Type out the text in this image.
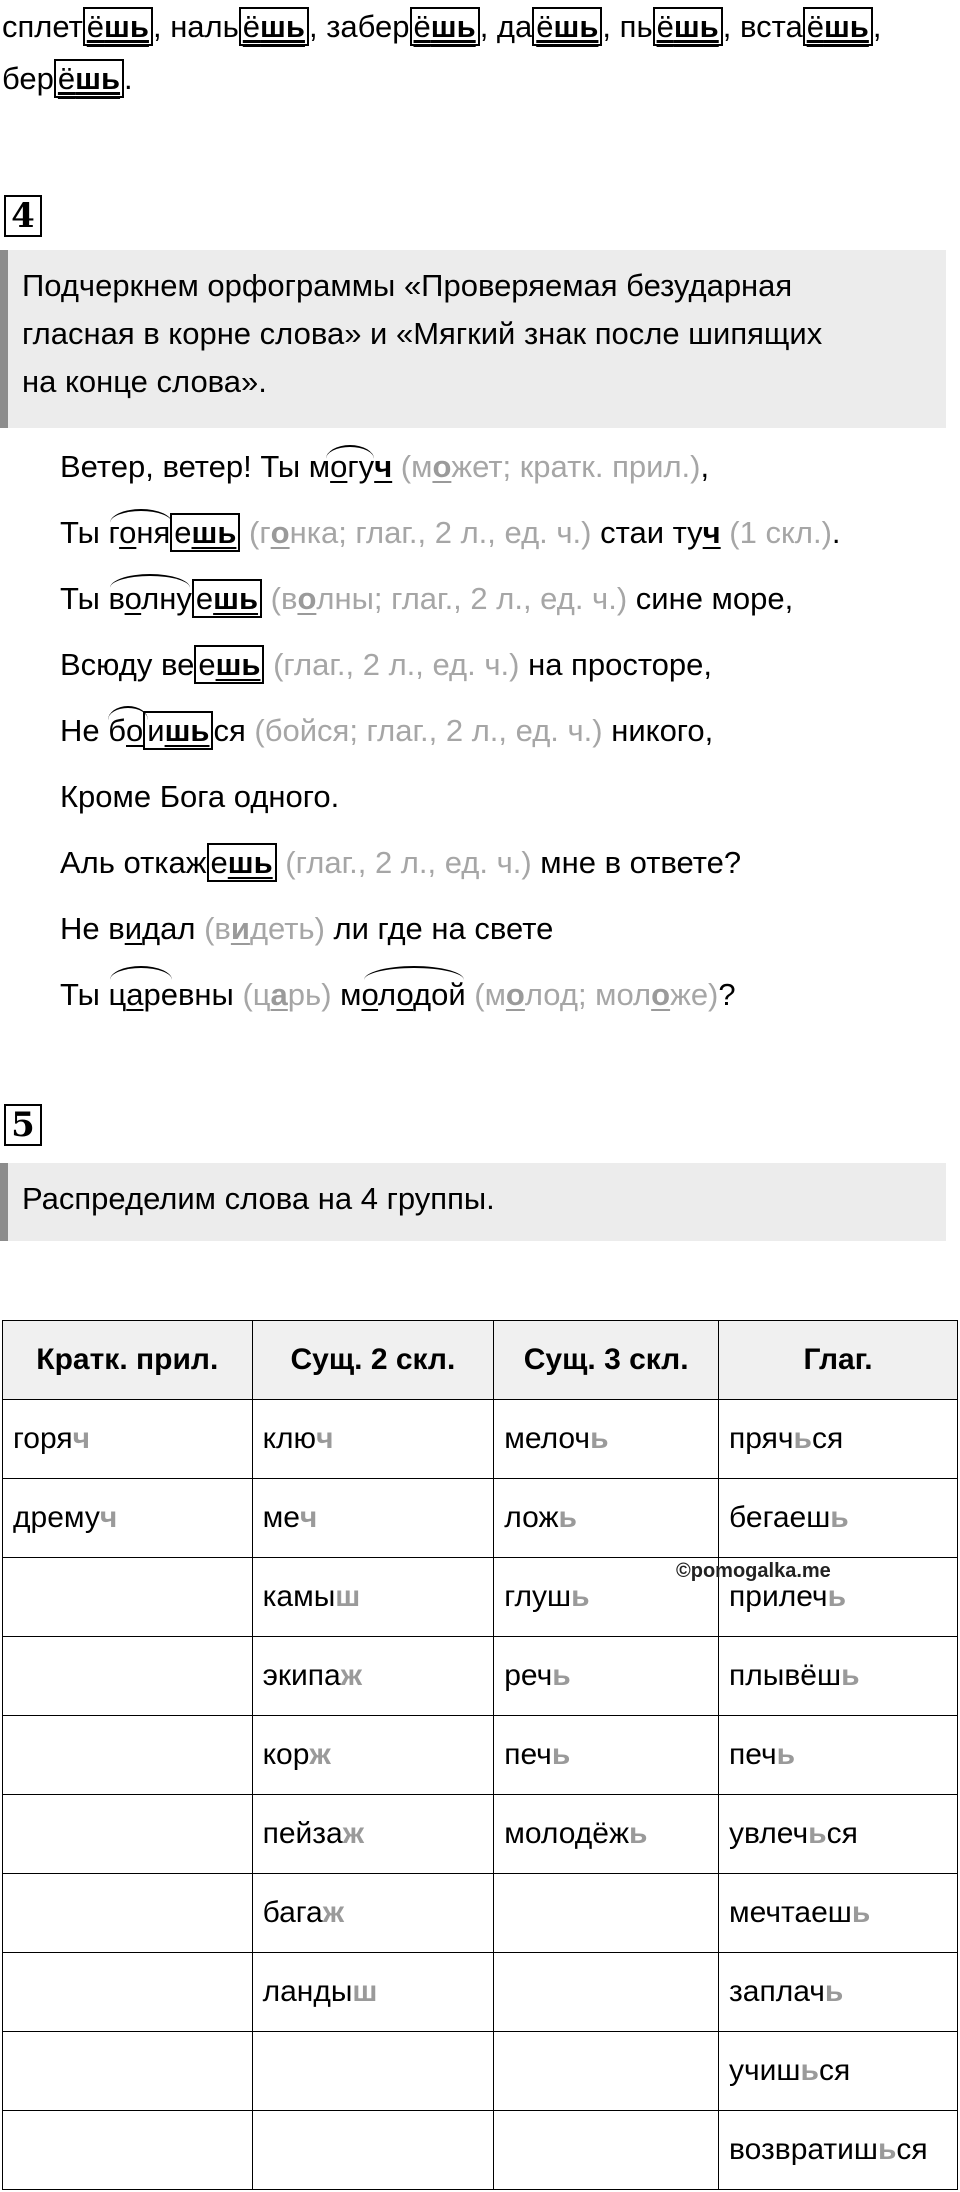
сплет ёшь , наль ёшь , забер ёшь , да ёшь , пь ёшь , вста ёшь ,
бер ёшь .
4
Подчеркнем орфограммы «Проверяемая безударная
гласная в корне слова» и «Мягкий знак после шипящих
на конце слова».
Ветер, ветер! Ты могуч (может; кратк. прил.),
Ты гоня ешь (гонка; глаг., 2 л., ед. ч.) стаи туч (1 скл.).
Ты волну ешь (волны; глаг., 2 л., ед. ч.) сине море,
Всюду ве ешь (глаг., 2 л., ед. ч.) на просторе,
Не бо ишь ся (бойся; глаг., 2 л., ед. ч.) никого,
Кроме Бога одного.
Аль откаж ешь (глаг., 2 л., ед. ч.) мне в ответе?
Не видал (видеть) ли где на свете
Ты царевны (царь) молодой (молод; моложе)?
5
Распределим слова на 4 группы.
Кратк. прил.	Сущ. 2 скл.	Сущ. 3 скл.	Глаг.
горяч	ключ	мелочь	прячься
дремуч	меч	ложь	бегаешь
	камыш	глушь	прилечь
	экипаж	речь	плывёшь
	корж	печь	печь
	пейзаж	молодёжь	увлечься
	багаж		мечтаешь
	ландыш		заплачь
			учишься
			возвратишься
©pomogalka.me
